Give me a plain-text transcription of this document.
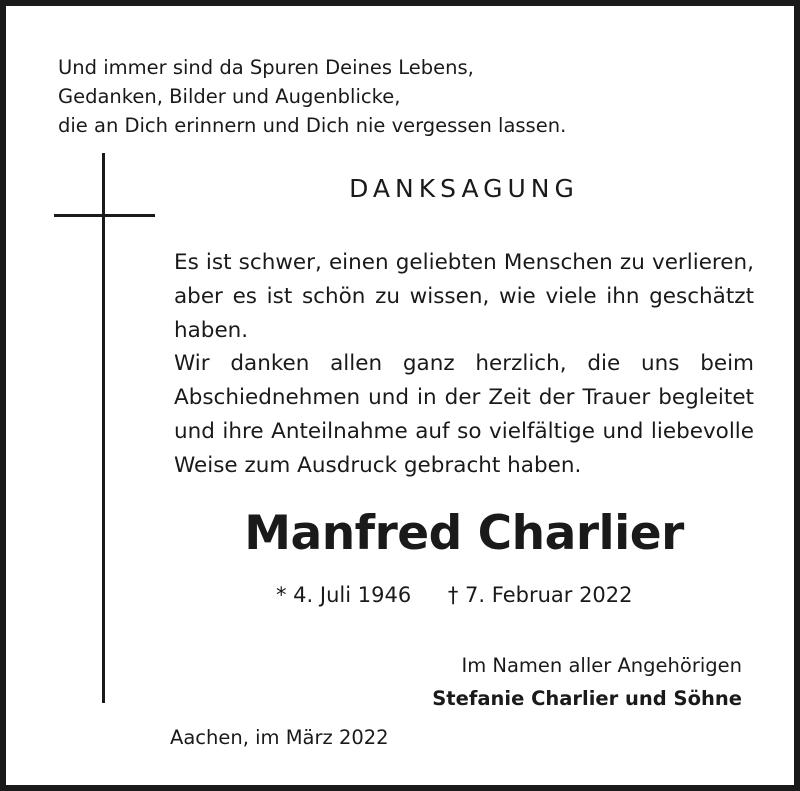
Und immer sind da Spuren Deines Lebens,
Gedanken, Bilder und Augenblicke,
die an Dich erinnern und Dich nie vergessen lassen.
DANKSAGUNG

Es ist schwer, einen geliebten Menschen zu verlieren, aber es ist schön zu wissen, wie viele ihn geschätzt haben.

Wir danken allen ganz herzlich, die uns beim Abschiednehmen und in der Zeit der Trauer begleitet und ihre Anteilnahme auf so vielfältige und liebevolle Weise zum Ausdruck gebracht haben.

Manfred Charlier
* 4. Juli 1946 † 7. Februar 2022
Im Namen aller Angehörigen
Stefanie Charlier und Söhne
Aachen, im März 2022
